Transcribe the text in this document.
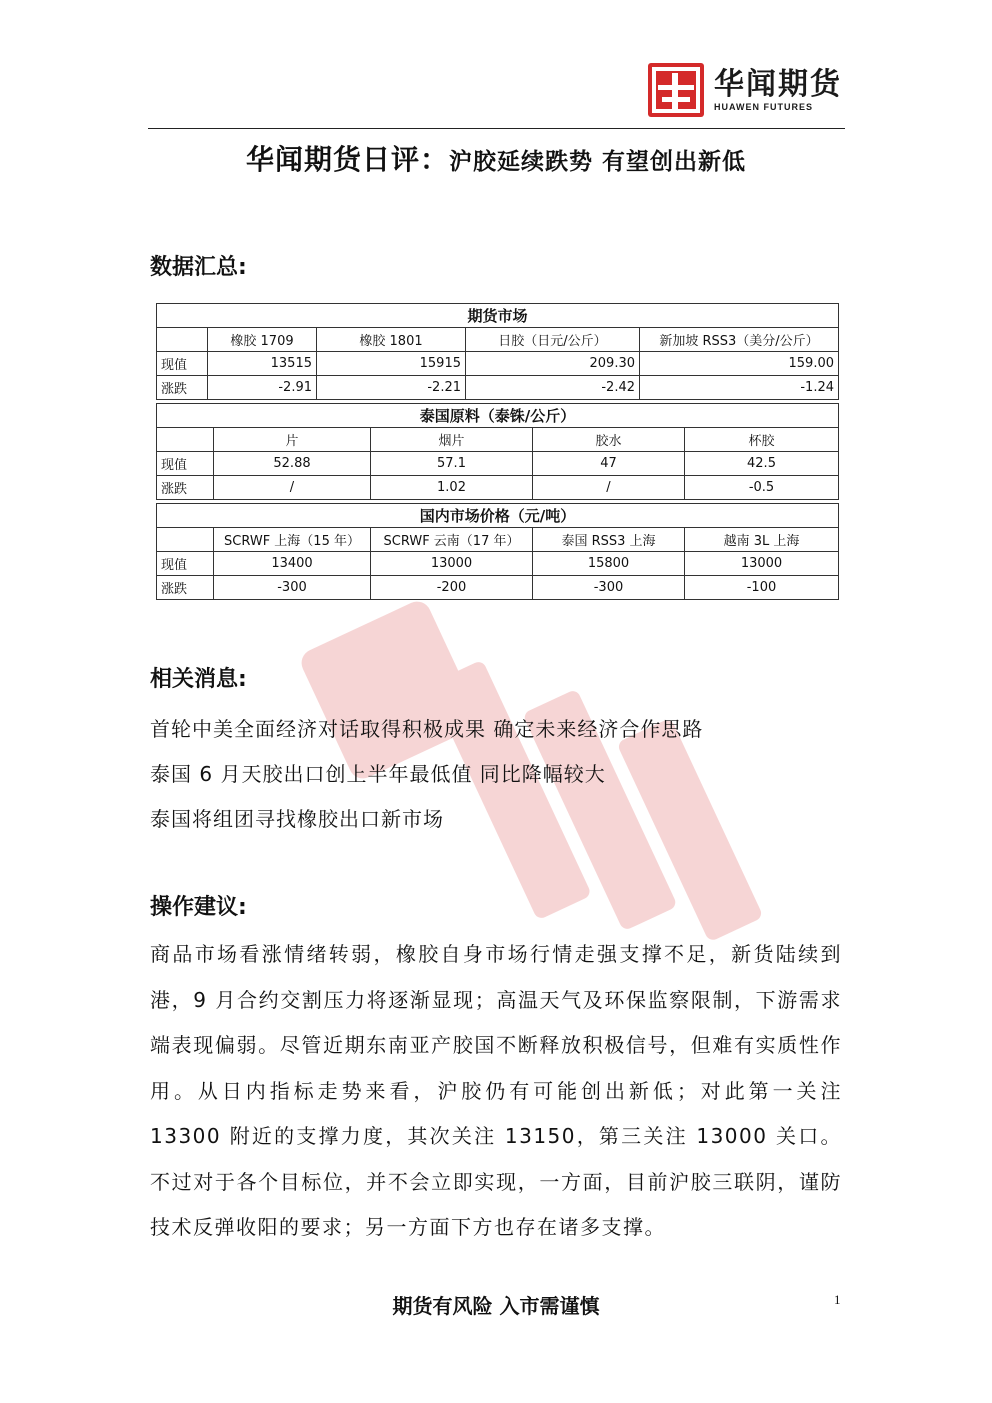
华闻期货
HUAWEN FUTURES
华闻期货日评：沪胶延续跌势 有望创出新低
数据汇总:
期货市场				
	橡胶 1709	橡胶 1801	日胶（日元/公斤）	新加坡 RSS3（美分/公斤）
现值	13515	15915	209.30	159.00
涨跌	-2.91	-2.21	-2.42	-1.24
泰国原料（泰铢/公斤）				
	片	烟片	胶水	杯胶
现值	52.88	57.1	47	42.5
涨跌	/	1.02	/	-0.5
国内市场价格（元/吨）				
	SCRWF 上海（15 年）	SCRWF 云南（17 年）	泰国 RSS3 上海	越南 3L 上海
现值	13400	13000	15800	13000
涨跌	-300	-200	-300	-100
相关消息:
首轮中美全面经济对话取得积极成果 确定未来经济合作思路
泰国 6 月天胶出口创上半年最低值 同比降幅较大
泰国将组团寻找橡胶出口新市场
操作建议:
商品市场看涨情绪转弱，橡胶自身市场行情走强支撑不足，新货陆续到港，9 月合约交割压力将逐渐显现；高温天气及环保监察限制，下游需求端表现偏弱。尽管近期东南亚产胶国不断释放积极信号，但难有实质性作用。从日内指标走势来看，沪胶仍有可能创出新低；对此第一关注 13300 附近的支撑力度，其次关注 13150，第三关注 13000 关口。 不过对于各个目标位，并不会立即实现，一方面，目前沪胶三联阴，谨防技术反弹收阳的要求；另一方面下方也存在诸多支撑。
期货有风险 入市需谨慎	1
